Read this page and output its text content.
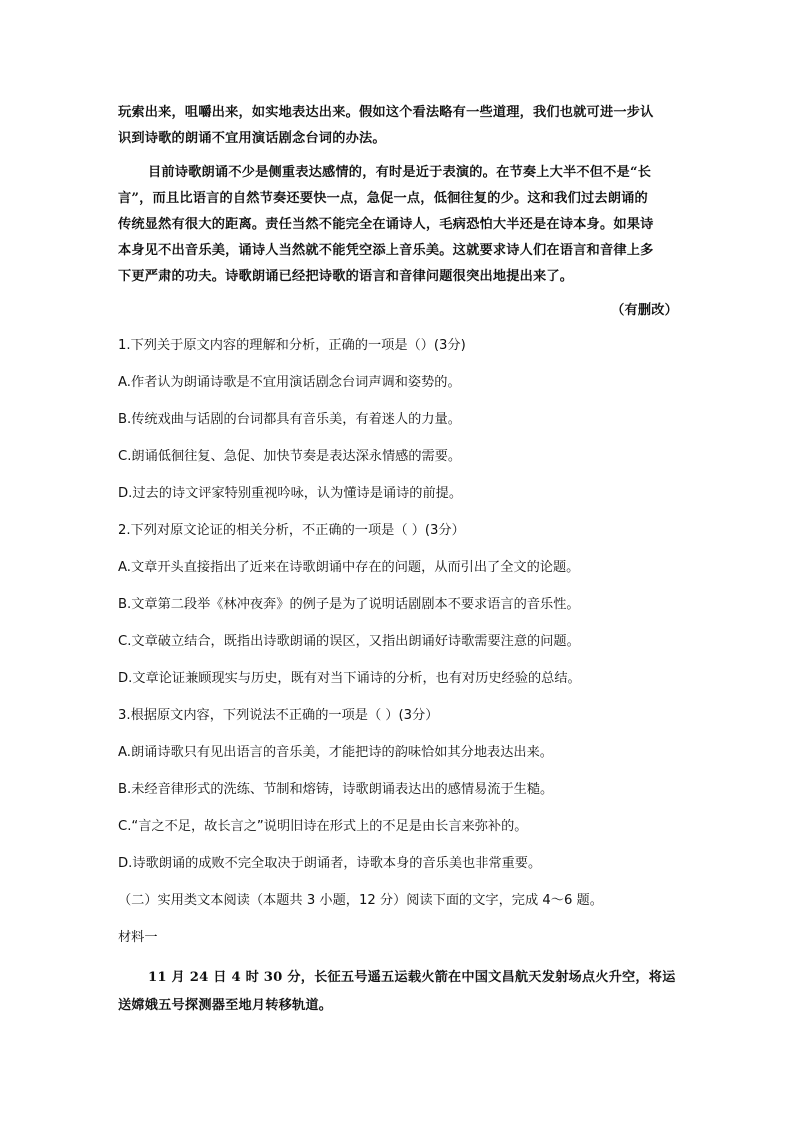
玩索出来，咀嚼出来，如实地表达出来。假如这个看法略有一些道理，我们也就可进一步认
识到诗歌的朗诵不宜用演话剧念台词的办法。
目前诗歌朗诵不少是侧重表达感情的，有时是近于表演的。在节奏上大半不但不是“长
言”，而且比语言的自然节奏还要快一点，急促一点，低徊往复的少。这和我们过去朗诵的
传统显然有很大的距离。责任当然不能完全在诵诗人，毛病恐怕大半还是在诗本身。如果诗
本身见不出音乐美，诵诗人当然就不能凭空添上音乐美。这就要求诗人们在语言和音律上多
下更严肃的功夫。诗歌朗诵已经把诗歌的语言和音律问题很突出地提出来了。
（有删改）
1.下列关于原文内容的理解和分析，正确的一项是（）(3分)
A.作者认为朗诵诗歌是不宜用演话剧念台词声调和姿势的。
B.传统戏曲与话剧的台词都具有音乐美，有着迷人的力量。
C.朗诵低徊往复、急促、加快节奏是表达深永情感的需要。
D.过去的诗文评家特别重视吟咏，认为懂诗是诵诗的前提。
2.下列对原文论证的相关分析，不正确的一项是（ ）(3分）
A.文章开头直接指出了近来在诗歌朗诵中存在的问题，从而引出了全文的论题。
B.文章第二段举《林冲夜奔》的例子是为了说明话剧剧本不要求语言的音乐性。
C.文章破立结合，既指出诗歌朗诵的误区，又指出朗诵好诗歌需要注意的问题。
D.文章论证兼顾现实与历史，既有对当下诵诗的分析，也有对历史经验的总结。
3.根据原文内容，下列说法不正确的一项是（ ）(3分）
A.朗诵诗歌只有见出语言的音乐美，才能把诗的韵味恰如其分地表达出来。
B.未经音律形式的洗练、节制和熔铸，诗歌朗诵表达出的感情易流于生糙。
C.“言之不足，故长言之”说明旧诗在形式上的不足是由长言来弥补的。
D.诗歌朗诵的成败不完全取决于朗诵者，诗歌本身的音乐美也非常重要。
（二）实用类文本阅读（本题共 3 小题，12 分）阅读下面的文字，完成 4～6 题。
材料一
11 月 24 日 4 时 30 分，长征五号遥五运载火箭在中国文昌航天发射场点火升空，将运
送嫦娥五号探测器至地月转移轨道。
